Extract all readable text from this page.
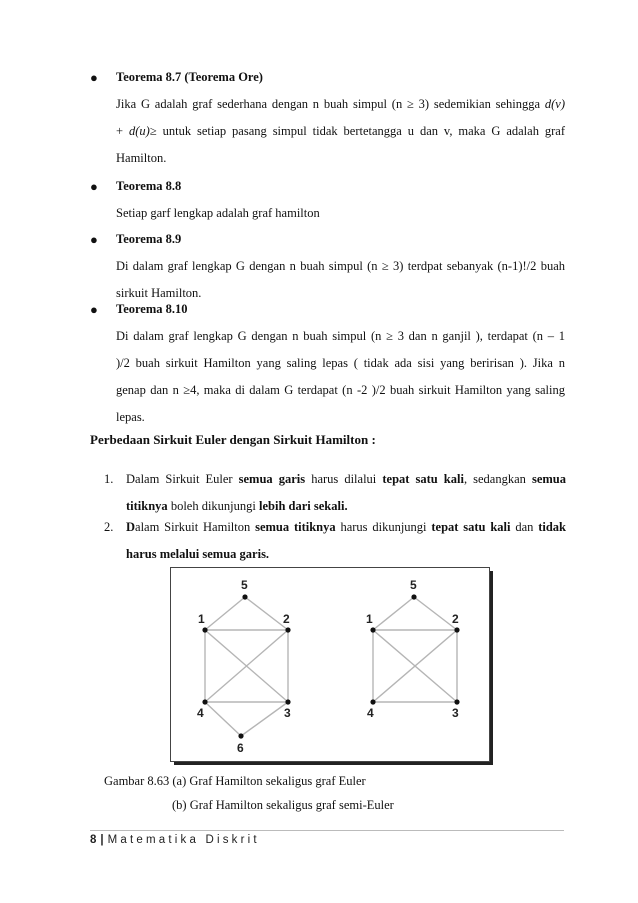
● Teorema 8.7 (Teorema Ore)
Jika G adalah graf sederhana dengan n buah simpul (n ≥ 3) sedemikian sehingga d(v)
+ d(u)≥ untuk setiap pasang simpul tidak bertetangga u dan v, maka G adalah graf
Hamilton.
● Teorema 8.8
Setiap garf lengkap adalah graf hamilton
● Teorema 8.9
Di dalam graf lengkap G dengan n buah simpul (n ≥ 3) terdpat sebanyak (n-1)!/2 buah
sirkuit Hamilton.
● Teorema 8.10
Di dalam graf lengkap G dengan n buah simpul (n ≥ 3 dan n ganjil ), terdapat (n – 1
)/2 buah sirkuit Hamilton yang saling lepas ( tidak ada sisi yang beririsan ). Jika n
genap dan n ≥4, maka di dalam G terdapat (n -2 )/2 buah sirkuit Hamilton yang saling
lepas.
Perbedaan Sirkuit Euler dengan Sirkuit Hamilton :
1. Dalam Sirkuit Euler semua garis harus dilalui tepat satu kali, sedangkan semua
titiknya boleh dikunjungi lebih dari sekali.
2. Dalam Sirkuit Hamilton semua titiknya harus dikunjungi tepat satu kali dan tidak
harus melalui semua garis.
1	2
3
4
5
6
1	2
3
4
5
Gambar 8.63 (a) Graf Hamilton sekaligus graf Euler
(b) Graf Hamilton sekaligus graf semi-Euler
8 | Matematika Diskrit
